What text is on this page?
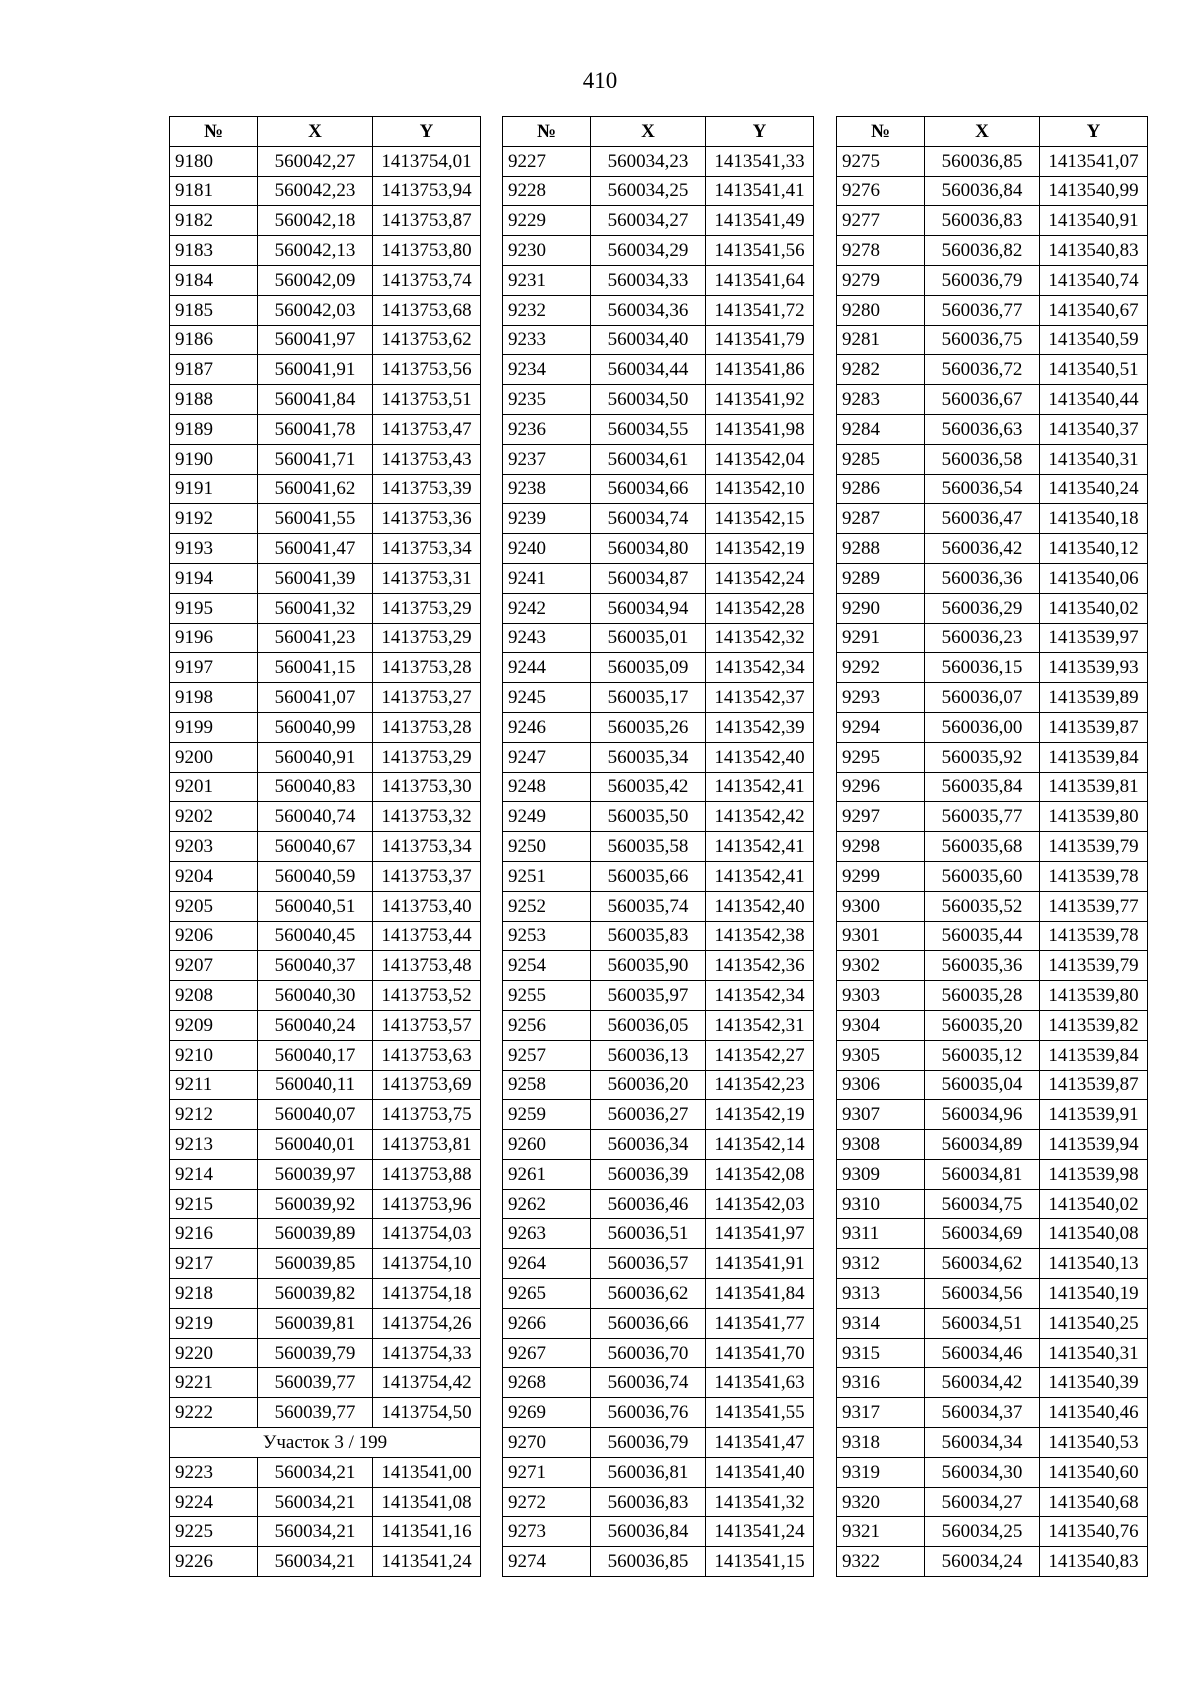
410
№	X	Y
9180	560042,27	1413754,01
9181	560042,23	1413753,94
9182	560042,18	1413753,87
9183	560042,13	1413753,80
9184	560042,09	1413753,74
9185	560042,03	1413753,68
9186	560041,97	1413753,62
9187	560041,91	1413753,56
9188	560041,84	1413753,51
9189	560041,78	1413753,47
9190	560041,71	1413753,43
9191	560041,62	1413753,39
9192	560041,55	1413753,36
9193	560041,47	1413753,34
9194	560041,39	1413753,31
9195	560041,32	1413753,29
9196	560041,23	1413753,29
9197	560041,15	1413753,28
9198	560041,07	1413753,27
9199	560040,99	1413753,28
9200	560040,91	1413753,29
9201	560040,83	1413753,30
9202	560040,74	1413753,32
9203	560040,67	1413753,34
9204	560040,59	1413753,37
9205	560040,51	1413753,40
9206	560040,45	1413753,44
9207	560040,37	1413753,48
9208	560040,30	1413753,52
9209	560040,24	1413753,57
9210	560040,17	1413753,63
9211	560040,11	1413753,69
9212	560040,07	1413753,75
9213	560040,01	1413753,81
9214	560039,97	1413753,88
9215	560039,92	1413753,96
9216	560039,89	1413754,03
9217	560039,85	1413754,10
9218	560039,82	1413754,18
9219	560039,81	1413754,26
9220	560039,79	1413754,33
9221	560039,77	1413754,42
9222	560039,77	1413754,50
Участок 3 / 199		
9223	560034,21	1413541,00
9224	560034,21	1413541,08
9225	560034,21	1413541,16
9226	560034,21	1413541,24
№	X	Y
9227	560034,23	1413541,33
9228	560034,25	1413541,41
9229	560034,27	1413541,49
9230	560034,29	1413541,56
9231	560034,33	1413541,64
9232	560034,36	1413541,72
9233	560034,40	1413541,79
9234	560034,44	1413541,86
9235	560034,50	1413541,92
9236	560034,55	1413541,98
9237	560034,61	1413542,04
9238	560034,66	1413542,10
9239	560034,74	1413542,15
9240	560034,80	1413542,19
9241	560034,87	1413542,24
9242	560034,94	1413542,28
9243	560035,01	1413542,32
9244	560035,09	1413542,34
9245	560035,17	1413542,37
9246	560035,26	1413542,39
9247	560035,34	1413542,40
9248	560035,42	1413542,41
9249	560035,50	1413542,42
9250	560035,58	1413542,41
9251	560035,66	1413542,41
9252	560035,74	1413542,40
9253	560035,83	1413542,38
9254	560035,90	1413542,36
9255	560035,97	1413542,34
9256	560036,05	1413542,31
9257	560036,13	1413542,27
9258	560036,20	1413542,23
9259	560036,27	1413542,19
9260	560036,34	1413542,14
9261	560036,39	1413542,08
9262	560036,46	1413542,03
9263	560036,51	1413541,97
9264	560036,57	1413541,91
9265	560036,62	1413541,84
9266	560036,66	1413541,77
9267	560036,70	1413541,70
9268	560036,74	1413541,63
9269	560036,76	1413541,55
9270	560036,79	1413541,47
9271	560036,81	1413541,40
9272	560036,83	1413541,32
9273	560036,84	1413541,24
9274	560036,85	1413541,15
№	X	Y
9275	560036,85	1413541,07
9276	560036,84	1413540,99
9277	560036,83	1413540,91
9278	560036,82	1413540,83
9279	560036,79	1413540,74
9280	560036,77	1413540,67
9281	560036,75	1413540,59
9282	560036,72	1413540,51
9283	560036,67	1413540,44
9284	560036,63	1413540,37
9285	560036,58	1413540,31
9286	560036,54	1413540,24
9287	560036,47	1413540,18
9288	560036,42	1413540,12
9289	560036,36	1413540,06
9290	560036,29	1413540,02
9291	560036,23	1413539,97
9292	560036,15	1413539,93
9293	560036,07	1413539,89
9294	560036,00	1413539,87
9295	560035,92	1413539,84
9296	560035,84	1413539,81
9297	560035,77	1413539,80
9298	560035,68	1413539,79
9299	560035,60	1413539,78
9300	560035,52	1413539,77
9301	560035,44	1413539,78
9302	560035,36	1413539,79
9303	560035,28	1413539,80
9304	560035,20	1413539,82
9305	560035,12	1413539,84
9306	560035,04	1413539,87
9307	560034,96	1413539,91
9308	560034,89	1413539,94
9309	560034,81	1413539,98
9310	560034,75	1413540,02
9311	560034,69	1413540,08
9312	560034,62	1413540,13
9313	560034,56	1413540,19
9314	560034,51	1413540,25
9315	560034,46	1413540,31
9316	560034,42	1413540,39
9317	560034,37	1413540,46
9318	560034,34	1413540,53
9319	560034,30	1413540,60
9320	560034,27	1413540,68
9321	560034,25	1413540,76
9322	560034,24	1413540,83
